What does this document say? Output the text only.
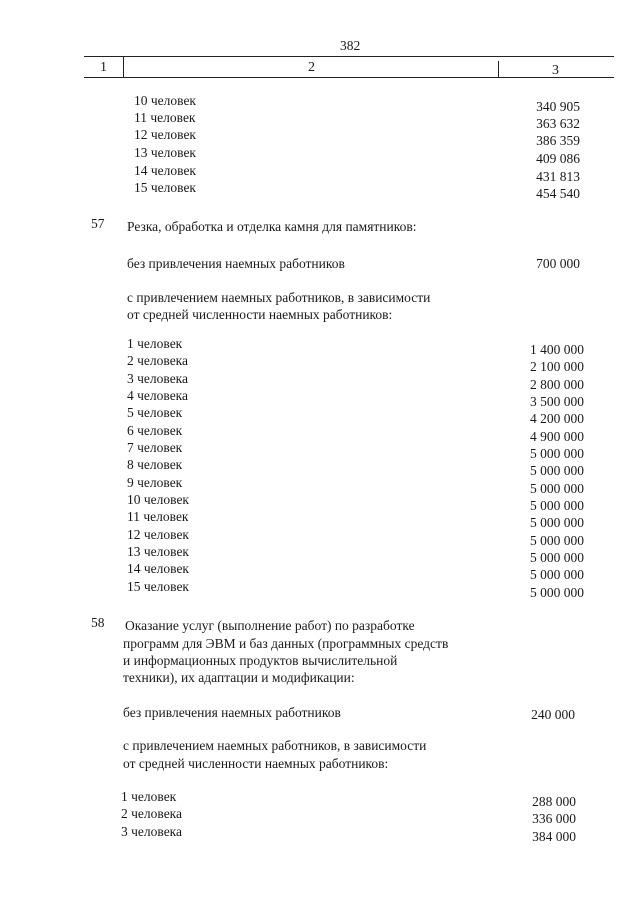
382
1	2	3
10 человек	340 905
11 человек	363 632
12 человек	386 359
13 человек	409 086
14 человек	431 813
15 человек	454 540
57 Резка, обработка и отделка камня для памятников:
без привлечения наемных работников	700 000
с привлечением наемных работников, в зависимости
от средней численности наемных работников:
1 человек	1 400 000
2 человека	2 100 000
3 человека	2 800 000
4 человека	3 500 000
5 человек	4 200 000
6 человек	4 900 000
7 человек	5 000 000
8 человек	5 000 000
9 человек	5 000 000
10 человек	5 000 000
11 человек	5 000 000
12 человек	5 000 000
13 человек	5 000 000
14 человек	5 000 000
15 человек	5 000 000
58 Оказание услуг (выполнение работ) по разработке
программ для ЭВМ и баз данных (программных средств
и информационных продуктов вычислительной
техники), их адаптации и модификации:
без привлечения наемных работников	240 000
с привлечением наемных работников, в зависимости
от средней численности наемных работников:
1 человек	288 000
2 человека	336 000
3 человека	384 000
